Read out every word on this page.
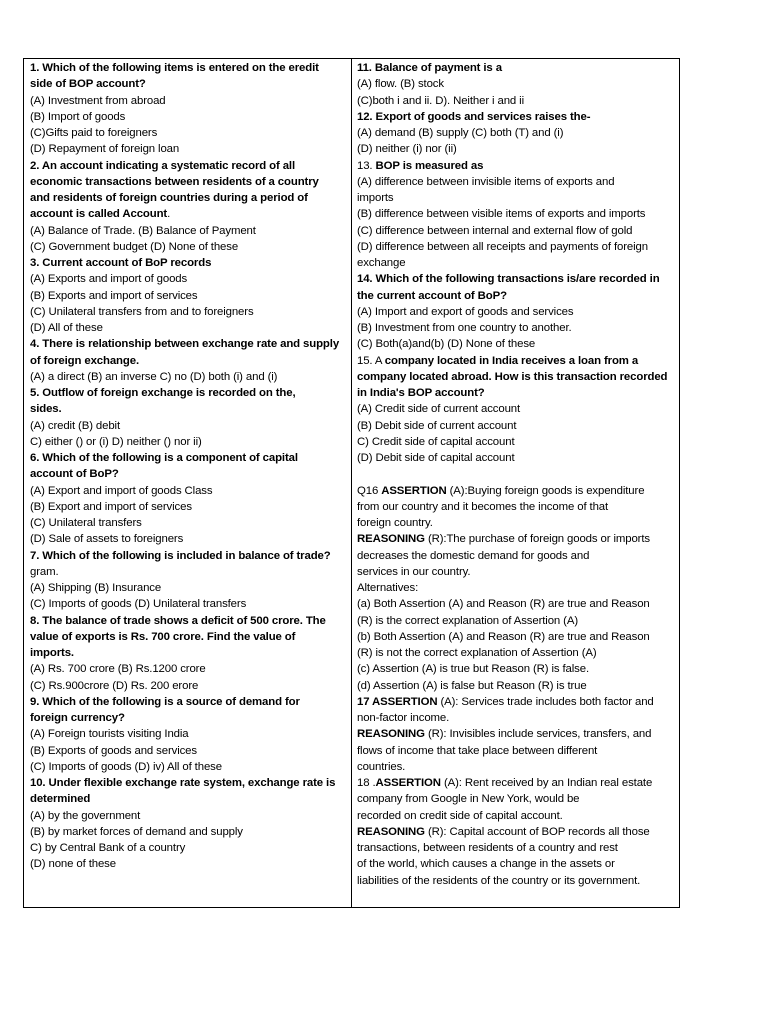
1. Which of the following items is entered on the eredit
side of BOP account?
(A) Investment from abroad
(B) Import of goods
(C)Gifts paid to foreigners
(D) Repayment of foreign loan
2. An account indicating a systematic record of all
economic transactions between residents of a country
and residents of foreign countries during a period of
account is called Account.
(A) Balance of Trade. (B) Balance of Payment
(C) Government budget (D) None of these
3. Current account of BoP records
(A) Exports and import of goods
(B) Exports and import of services
(C) Unilateral transfers from and to foreigners
(D) All of these
4. There is relationship between exchange rate and supply
of foreign exchange.
(A) a direct (B) an inverse C) no (D) both (i) and (i)
5. Outflow of foreign exchange is recorded on the,
sides.
(A) credit (B) debit
C) either () or (i) D) neither () nor ii)
6. Which of the following is a component of capital
account of BoP?
(A) Export and import of goods Class
(B) Export and import of services
(C) Unilateral transfers
(D) Sale of assets to foreigners
7. Which of the following is included in balance of trade?
gram.
(A) Shipping (B) Insurance
(C) Imports of goods (D) Unilateral transfers
8. The balance of trade shows a deficit of 500 crore. The
value of exports is Rs. 700 crore. Find the value of
imports.
(A) Rs. 700 crore (B) Rs.1200 crore
(C) Rs.900crore (D) Rs. 200 erore
9. Which of the following is a source of demand for
foreign currency?
(A) Foreign tourists visiting India
(B) Exports of goods and services
(C) Imports of goods (D) iv) All of these
10. Under flexible exchange rate system, exchange rate is
determined
(A) by the government
(B) by market forces of demand and supply
C) by Central Bank of a country
(D) none of these
11. Balance of payment is a
(A) flow. (B) stock
(C)both i and ii. D). Neither i and ii
12. Export of goods and services raises the-
(A) demand (B) supply (C) both (T) and (i)
(D) neither (i) nor (ii)
13. BOP is measured as
(A) difference between invisible items of exports and
imports
(B) difference between visible items of exports and imports
(C) difference between internal and external flow of gold
(D) difference between all receipts and payments of foreign
exchange
14. Which of the following transactions is/are recorded in
the current account of BoP?
(A) Import and export of goods and services
(B) Investment from one country to another.
(C) Both(a)and(b) (D) None of these
15. A company located in India receives a loan from a
company located abroad. How is this transaction recorded
in India's BOP account?
(A) Credit side of current account
(B) Debit side of current account
C) Credit side of capital account
(D) Debit side of capital account
Q16 ASSERTION (A):Buying foreign goods is expenditure
from our country and it becomes the income of that
foreign country.
REASONING (R):The purchase of foreign goods or imports
decreases the domestic demand for goods and
services in our country.
Alternatives:
(a) Both Assertion (A) and Reason (R) are true and Reason
(R) is the correct explanation of Assertion (A)
(b) Both Assertion (A) and Reason (R) are true and Reason
(R) is not the correct explanation of Assertion (A)
(c) Assertion (A) is true but Reason (R) is false.
(d) Assertion (A) is false but Reason (R) is true
17 ASSERTION (A): Services trade includes both factor and
non-factor income.
REASONING (R): Invisibles include services, transfers, and
flows of income that take place between different
countries.
18 .ASSERTION (A): Rent received by an Indian real estate
company from Google in New York, would be
recorded on credit side of capital account.
REASONING (R): Capital account of BOP records all those
transactions, between residents of a country and rest
of the world, which causes a change in the assets or
liabilities of the residents of the country or its government.
